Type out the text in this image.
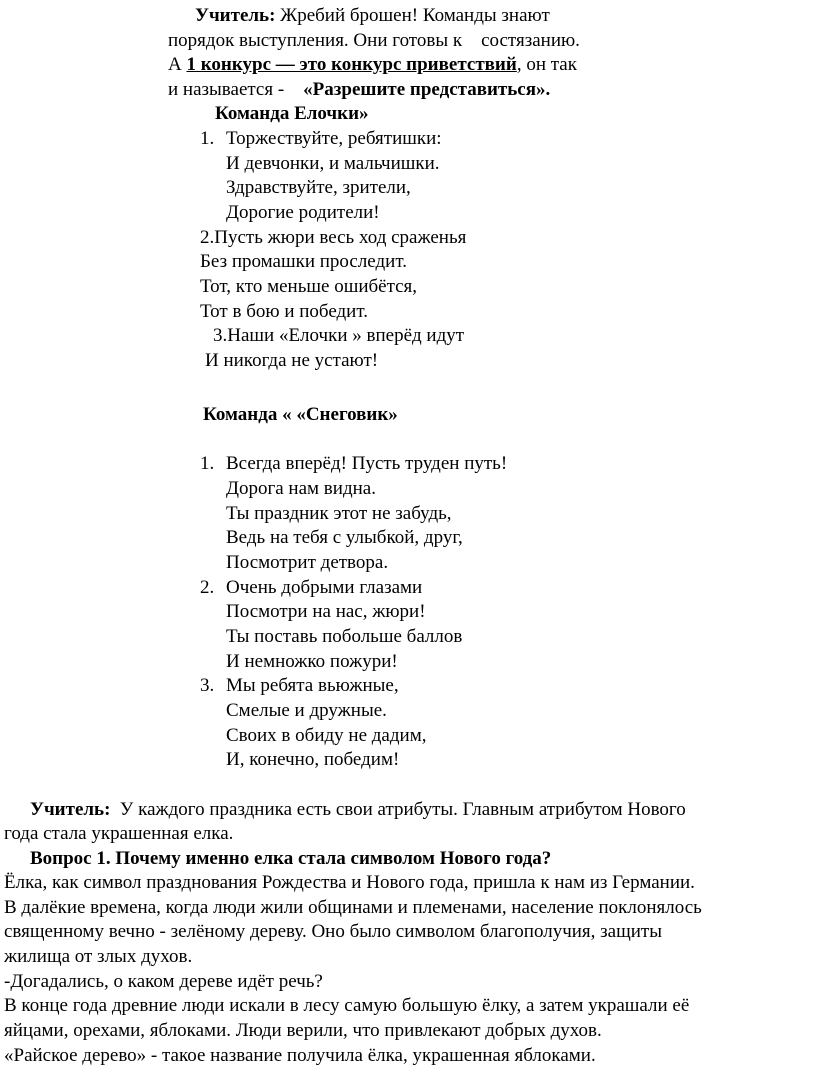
Учитель: Жребий брошен! Команды знают
порядок выступления. Они готовы к    состязанию.
А 1 конкурс — это конкурс приветствий, он так
и называется -    «Разрешите представиться».
Команда Елочки»
1. Торжествуйте, ребятишки:
И девчонки, и мальчишки.
Здравствуйте, зрители,
Дорогие родители!
2.Пусть жюри весь ход сраженья
Без промашки проследит.
Тот, кто меньше ошибётся,
Тот в бою и победит.
3.Наши «Елочки » вперёд идут
И никогда не устают!
Команда « «Снеговик»
1. Всегда вперёд! Пусть труден путь!
Дорога нам видна.
Ты праздник этот не забудь,
Ведь на тебя с улыбкой, друг,
Посмотрит детвора.
2. Очень добрыми глазами
Посмотри на нас, жюри!
Ты поставь побольше баллов
И немножко пожури!
3. Мы ребята вьюжные,
Смелые и дружные.
Своих в обиду не дадим,
И, конечно, победим!
Учитель:  У каждого праздника есть свои атрибуты. Главным атрибутом Нового
года стала украшенная елка.
Вопрос 1. Почему именно елка стала символом Нового года?
Ёлка, как символ празднования Рождества и Нового года, пришла к нам из Германии.
В далёкие времена, когда люди жили общинами и племенами, население поклонялось
священному вечно - зелёному дереву. Оно было символом благополучия, защиты
жилища от злых духов.
-Догадались, о каком дереве идёт речь?
В конце года древние люди искали в лесу самую большую ёлку, а затем украшали её
яйцами, орехами, яблоками. Люди верили, что привлекают добрых духов.
«Райское дерево» - такое название получила ёлка, украшенная яблоками.
